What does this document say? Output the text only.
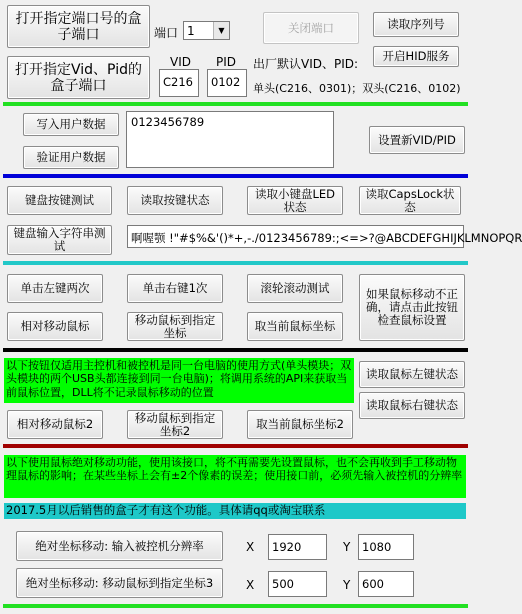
打开指定端口号的盒子端口	端口 1	▼	关闭端口	读取序列号
打开指定Vid、Pid的盒子端口
VID PID
C216	0102
出厂默认VID、PID:
开启HID服务
单头(C216、0301)；双头(C216、0102)
写入用户数据
验证用户数据
0123456789
设置新VID/PID
键盘按键测试	读取按键状态	读取小键盘LED状态
读取CapsLock状态
键盘输入字符串测试
啊喔颚 !"#$%&'()*+,-./0123456789:;<=>?@ABCDEFGHIJKLMNOPQR
单击左键两次	单击右键1次	滚轮滚动测试	如果鼠标移动不正确，请点击此按钮检查鼠标设置
相对移动鼠标	移动鼠标到指定坐标	取当前鼠标坐标
以下按钮仅适用主控机和被控机是同一台电脑的使用方式(单头模块；双头模块的两个USB头都连接到同一台电脑)；将调用系统的API来获取当前鼠标位置，DLL将不记录鼠标移动的位置
读取鼠标左键状态
读取鼠标右键状态
相对移动鼠标2	移动鼠标到指定坐标2	取当前鼠标坐标2
以下使用鼠标绝对移动功能，使用该接口，将不再需要先设置鼠标，也不会再收到手工移动物理鼠标的影响；在某些坐标上会有±2个像素的误差；使用接口前，必须先输入被控机的分辨率
2017.5月以后销售的盒子才有这个功能。具体请qq或淘宝联系
绝对坐标移动: 输入被控机分辨率	X	1920	Y	1080
绝对坐标移动: 移动鼠标到指定坐标3	X	500	Y	600
